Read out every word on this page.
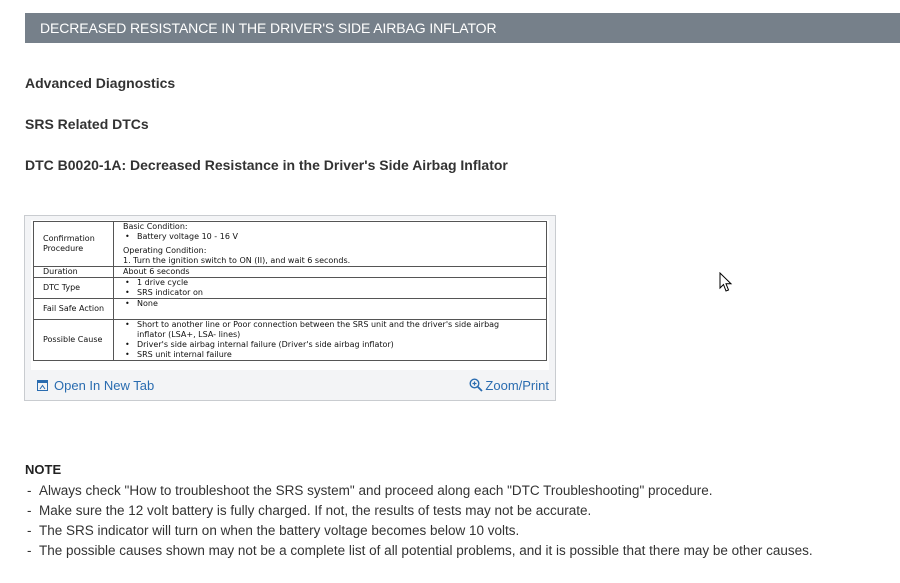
DECREASED RESISTANCE IN THE DRIVER'S SIDE AIRBAG INFLATOR
Advanced Diagnostics
SRS Related DTCs
DTC B0020-1A: Decreased Resistance in the Driver's Side Airbag Inflator
Confirmation Procedure	Basic Condition:
• Battery voltage 10 - 16 V
Operating Condition:
1. Turn the ignition switch to ON (II), and wait 6 seconds.

Duration	About 6 seconds
DTC Type	• 1 drive cycle
• SRS indicator on

Fail Safe Action	• None

Possible Cause	• Short to another line or Poor connection between the SRS unit and the driver's side airbag inflator (LSA+, LSA- lines)
• Driver's side airbag internal failure (Driver's side airbag inflator)
• SRS unit internal failure
Open In New Tab	Zoom/Print
NOTE
- Always check "How to troubleshoot the SRS system" and proceed along each "DTC Troubleshooting" procedure.
- Make sure the 12 volt battery is fully charged. If not, the results of tests may not be accurate.
- The SRS indicator will turn on when the battery voltage becomes below 10 volts.
- The possible causes shown may not be a complete list of all potential problems, and it is possible that there may be other causes.
